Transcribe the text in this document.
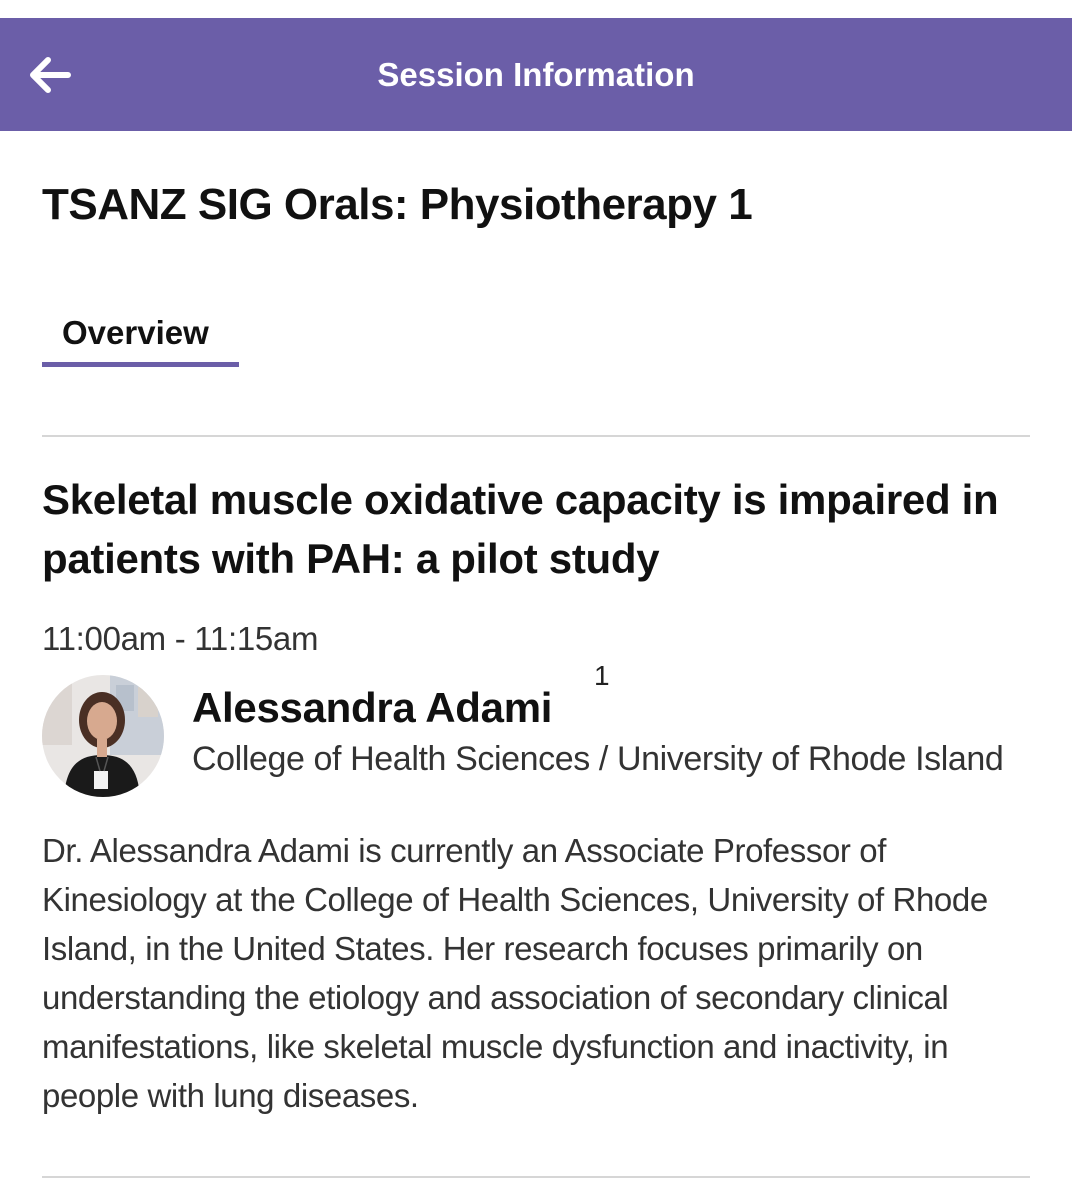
Session Information
TSANZ SIG Orals: Physiotherapy 1
Overview
Skeletal muscle oxidative capacity is impaired in patients with PAH: a pilot study
11:00am - 11:15am
Alessandra Adami
1
College of Health Sciences / University of Rhode Island
Dr. Alessandra Adami is currently an Associate Professor of Kinesiology at the College of Health Sciences, University of Rhode Island, in the United States. Her research focuses primarily on understanding the etiology and association of secondary clinical manifestations, like skeletal muscle dysfunction and inactivity, in people with lung diseases.
